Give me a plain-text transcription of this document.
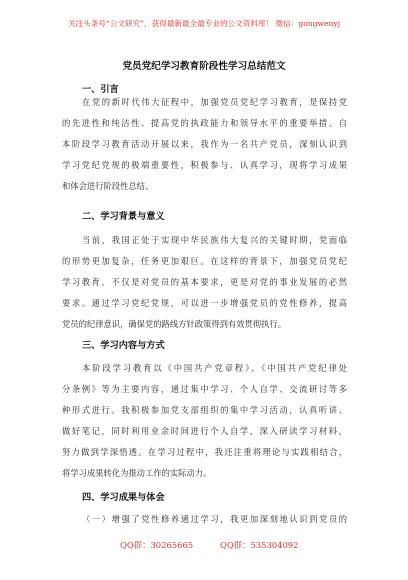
关注头条号“公文研究”，获得最新最全最专业的公文资料库！ 微信：gongwenyj
党员党纪学习教育阶段性学习总结范文
一、引言
在党的新时代伟大征程中，加强党员党纪学习教育，是保持党
的先进性和纯洁性、提高党的执政能力和领导水平的重要举措。自
本阶段学习教育活动开展以来，我作为一名共产党员，深刻认识到
学习党纪党规的极端重要性，积极参与、认真学习，现将学习成果
和体会进行阶段性总结。
二、学习背景与意义
当前，我国正处于实现中华民族伟大复兴的关键时期，党面临
的形势更加复杂，任务更加艰巨。在这样的背景下，加强党员党纪
学习教育，不仅是对党员的基本要求，更是对党的事业发展的必然
要求。通过学习党纪党规，可以进一步增强党员的党性修养，提高
党员的纪律意识，确保党的路线方针政策得到有效贯彻执行。
三、学习内容与方式
本阶段学习教育以《中国共产党章程》、《中国共产党纪律处
分条例》等为主要内容，通过集中学习、个人自学、交流研讨等多
种形式进行。我积极参加党支部组织的集中学习活动，认真听讲、
做好笔记，同时利用业余时间进行个人自学，深入研读学习材料，
努力做到学深悟透。在学习过程中，我还注重将理论与实践相结合，
将学习成果转化为推动工作的实际动力。
四、学习成果与体会
（一）增强了党性修养通过学习，我更加深刻地认识到党员的
QQ群：30265665	QQ群：535304092
